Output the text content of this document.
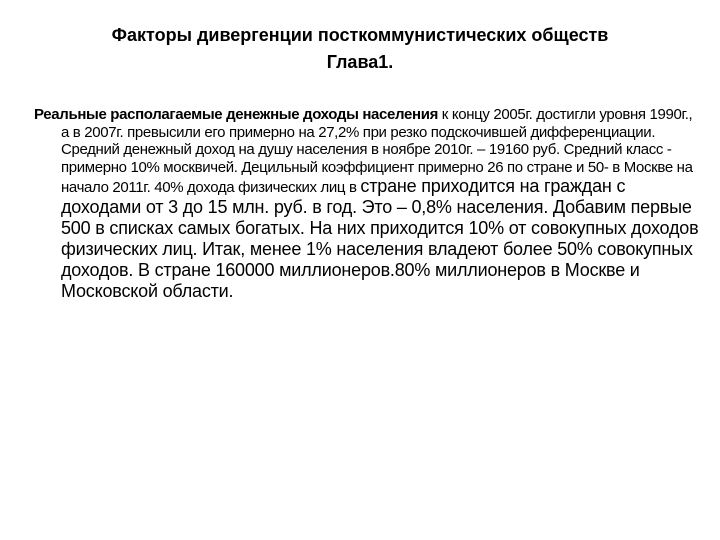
Факторы дивергенции посткоммунистических обществ
Глава1.

Реальные располагаемые денежные доходы населения к концу 2005г. достигли уровня 1990г., а в 2007г. превысили его примерно на 27,2% при резко подскочившей дифференциации. Средний денежный доход на душу населения в ноябре 2010г. – 19160 руб. Средний класс - примерно 10% москвичей. Децильный коэффициент примерно 26 по стране и 50- в Москве на начало 2011г. 40% дохода физических лиц в стране приходится на граждан с доходами от 3 до 15 млн. руб. в год. Это – 0,8% населения. Добавим первые 500 в списках самых богатых. На них приходится 10% от совокупных доходов физических лиц. Итак, менее 1% населения владеют более 50% совокупных доходов. В стране 160000 миллионеров.80% миллионеров в Москве и Московской области.
